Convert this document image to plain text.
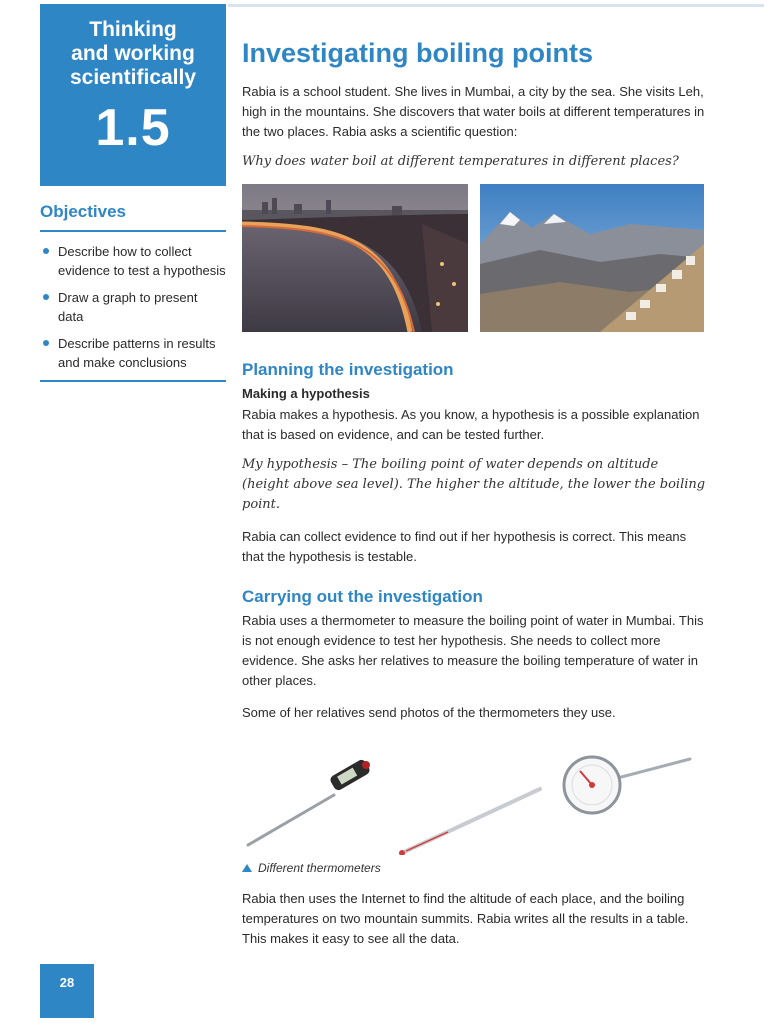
Thinking
and working
scientifically
1.5
Objectives
Describe how to collect evidence to test a hypothesis
Draw a graph to present data
Describe patterns in results and make conclusions
Investigating boiling points

Rabia is a school student. She lives in Mumbai, a city by the sea. She visits Leh, high in the mountains. She discovers that water boils at different temperatures in the two places. Rabia asks a scientific question:

Why does water boil at different temperatures in different places?

Planning the investigation
Making a hypothesis

Rabia makes a hypothesis. As you know, a hypothesis is a possible explanation that is based on evidence, and can be tested further.

My hypothesis – The boiling point of water depends on altitude (height above sea level). The higher the altitude, the lower the boiling point.

Rabia can collect evidence to find out if her hypothesis is correct. This means that the hypothesis is testable.

Carrying out the investigation

Rabia uses a thermometer to measure the boiling point of water in Mumbai. This is not enough evidence to test her hypothesis. She needs to collect more evidence. She asks her relatives to measure the boiling temperature of water in other places.

Some of her relatives send photos of the thermometers they use.

Different thermometers

Rabia then uses the Internet to find the altitude of each place, and the boiling temperatures on two mountain summits. Rabia writes all the results in a table. This makes it easy to see all the data.

28
